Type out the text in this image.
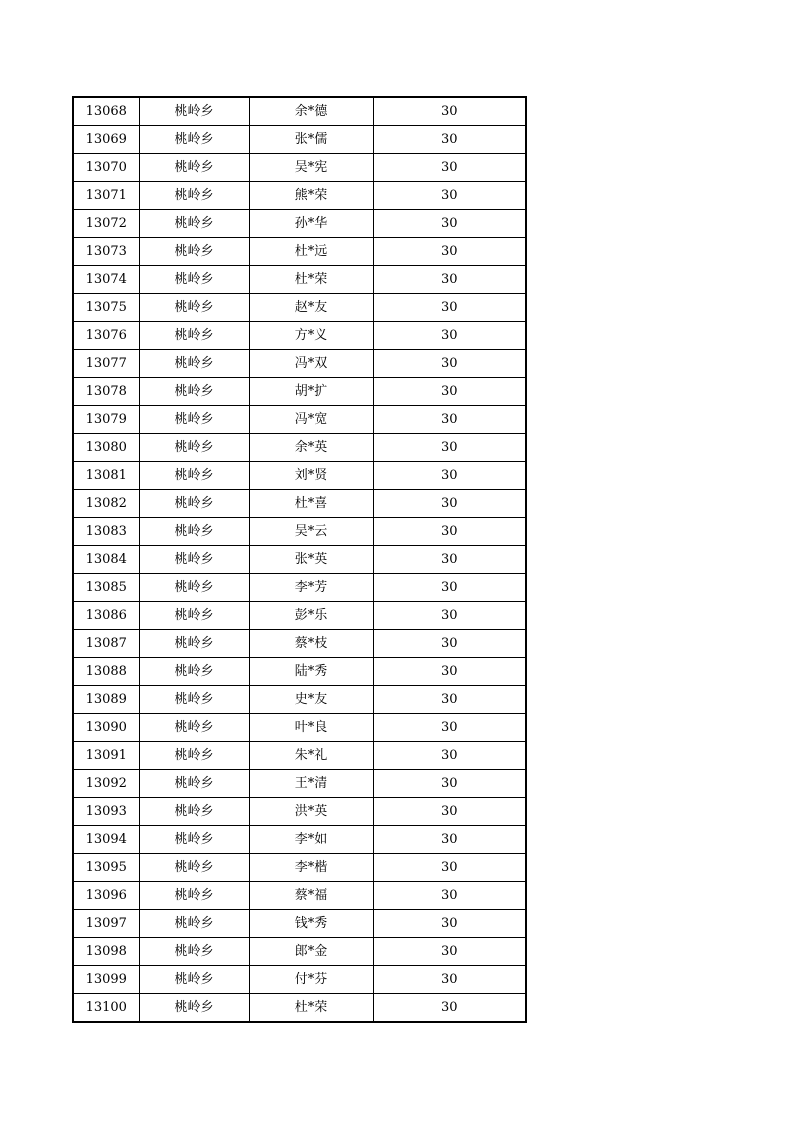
13068	桃岭乡	余*德	30
13069	桃岭乡	张*儒	30
13070	桃岭乡	吴*宪	30
13071	桃岭乡	熊*荣	30
13072	桃岭乡	孙*华	30
13073	桃岭乡	杜*远	30
13074	桃岭乡	杜*荣	30
13075	桃岭乡	赵*友	30
13076	桃岭乡	方*义	30
13077	桃岭乡	冯*双	30
13078	桃岭乡	胡*扩	30
13079	桃岭乡	冯*宽	30
13080	桃岭乡	余*英	30
13081	桃岭乡	刘*贤	30
13082	桃岭乡	杜*喜	30
13083	桃岭乡	吴*云	30
13084	桃岭乡	张*英	30
13085	桃岭乡	李*芳	30
13086	桃岭乡	彭*乐	30
13087	桃岭乡	蔡*枝	30
13088	桃岭乡	陆*秀	30
13089	桃岭乡	史*友	30
13090	桃岭乡	叶*良	30
13091	桃岭乡	朱*礼	30
13092	桃岭乡	王*清	30
13093	桃岭乡	洪*英	30
13094	桃岭乡	李*如	30
13095	桃岭乡	李*楷	30
13096	桃岭乡	蔡*福	30
13097	桃岭乡	钱*秀	30
13098	桃岭乡	郎*金	30
13099	桃岭乡	付*芬	30
13100	桃岭乡	杜*荣	30
